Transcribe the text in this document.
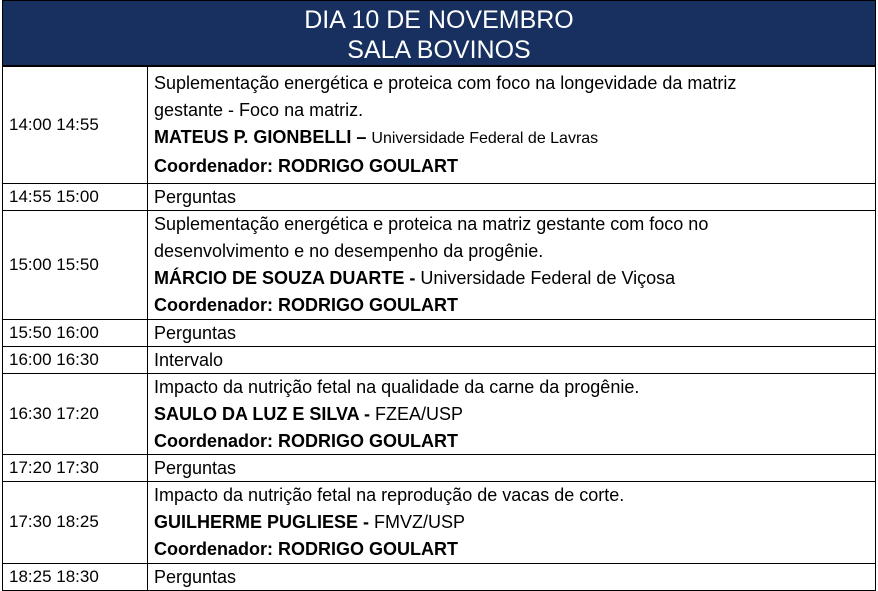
DIA 10 DE NOVEMBRO
SALA BOVINOS
14:00 14:55	Suplementação energética e proteica com foco na longevidade da matriz
gestante - Foco na matriz.
MATEUS P. GIONBELLI – Universidade Federal de Lavras
Coordenador: RODRIGO GOULART

14:55 15:00	Perguntas
15:00 15:50	Suplementação energética e proteica na matriz gestante com foco no
desenvolvimento e no desempenho da progênie.
MÁRCIO DE SOUZA DUARTE - Universidade Federal de Viçosa
Coordenador: RODRIGO GOULART

15:50 16:00	Perguntas
16:00 16:30	Intervalo
16:30 17:20	Impacto da nutrição fetal na qualidade da carne da progênie.
SAULO DA LUZ E SILVA - FZEA/USP
Coordenador: RODRIGO GOULART

17:20 17:30	Perguntas
17:30 18:25	Impacto da nutrição fetal na reprodução de vacas de corte.
GUILHERME PUGLIESE - FMVZ/USP
Coordenador: RODRIGO GOULART

18:25 18:30	Perguntas
